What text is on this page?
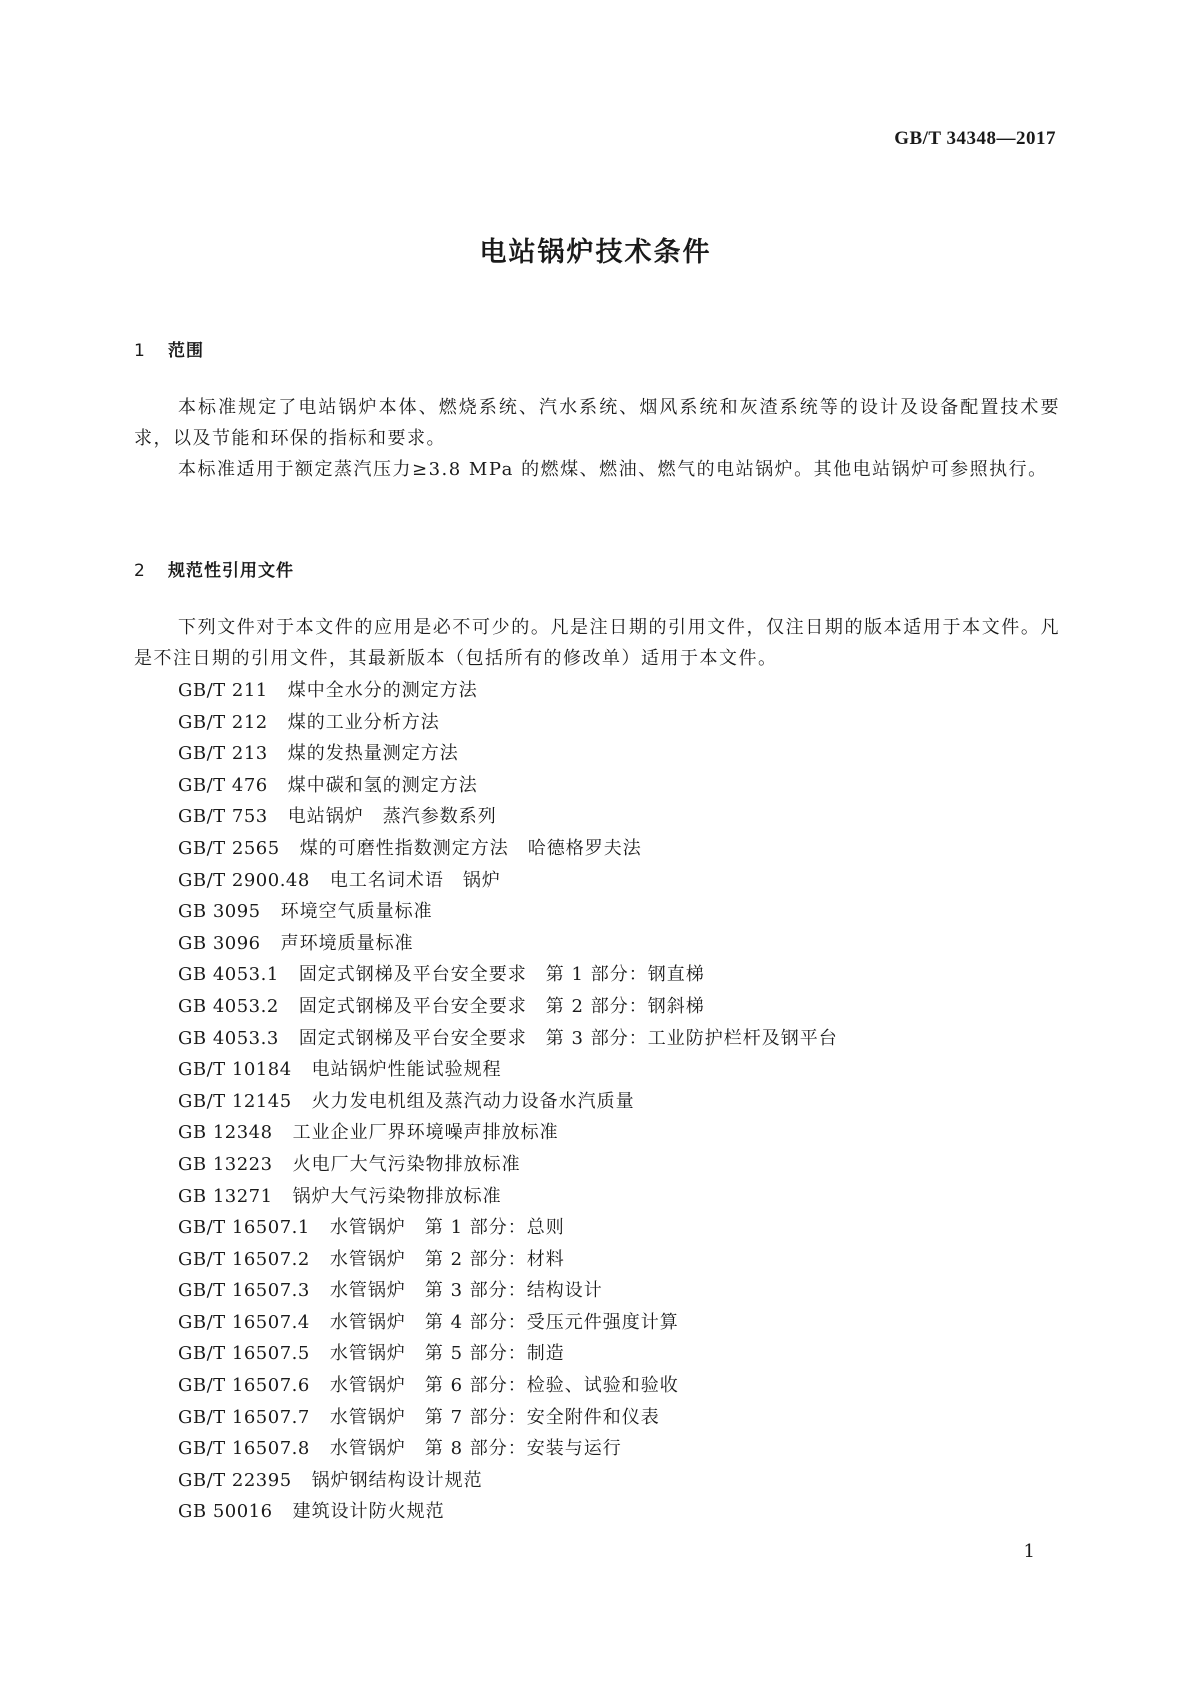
GB/T 34348—2017
电站锅炉技术条件
1 范围
本标准规定了电站锅炉本体、燃烧系统、汽水系统、烟风系统和灰渣系统等的设计及设备配置技术要求，以及节能和环保的指标和要求。
本标准适用于额定蒸汽压力≥3.8 MPa 的燃煤、燃油、燃气的电站锅炉。其他电站锅炉可参照执行。
2 规范性引用文件
下列文件对于本文件的应用是必不可少的。凡是注日期的引用文件，仅注日期的版本适用于本文件。凡是不注日期的引用文件，其最新版本（包括所有的修改单）适用于本文件。
GB/T 211 煤中全水分的测定方法
GB/T 212 煤的工业分析方法
GB/T 213 煤的发热量测定方法
GB/T 476 煤中碳和氢的测定方法
GB/T 753 电站锅炉　蒸汽参数系列
GB/T 2565 煤的可磨性指数测定方法　哈德格罗夫法
GB/T 2900.48 电工名词术语　锅炉
GB 3095 环境空气质量标准
GB 3096 声环境质量标准
GB 4053.1 固定式钢梯及平台安全要求　第 1 部分：钢直梯
GB 4053.2 固定式钢梯及平台安全要求　第 2 部分：钢斜梯
GB 4053.3 固定式钢梯及平台安全要求　第 3 部分：工业防护栏杆及钢平台
GB/T 10184 电站锅炉性能试验规程
GB/T 12145 火力发电机组及蒸汽动力设备水汽质量
GB 12348 工业企业厂界环境噪声排放标准
GB 13223 火电厂大气污染物排放标准
GB 13271 锅炉大气污染物排放标准
GB/T 16507.1 水管锅炉　第 1 部分：总则
GB/T 16507.2 水管锅炉　第 2 部分：材料
GB/T 16507.3 水管锅炉　第 3 部分：结构设计
GB/T 16507.4 水管锅炉　第 4 部分：受压元件强度计算
GB/T 16507.5 水管锅炉　第 5 部分：制造
GB/T 16507.6 水管锅炉　第 6 部分：检验、试验和验收
GB/T 16507.7 水管锅炉　第 7 部分：安全附件和仪表
GB/T 16507.8 水管锅炉　第 8 部分：安装与运行
GB/T 22395 锅炉钢结构设计规范
GB 50016 建筑设计防火规范
1
